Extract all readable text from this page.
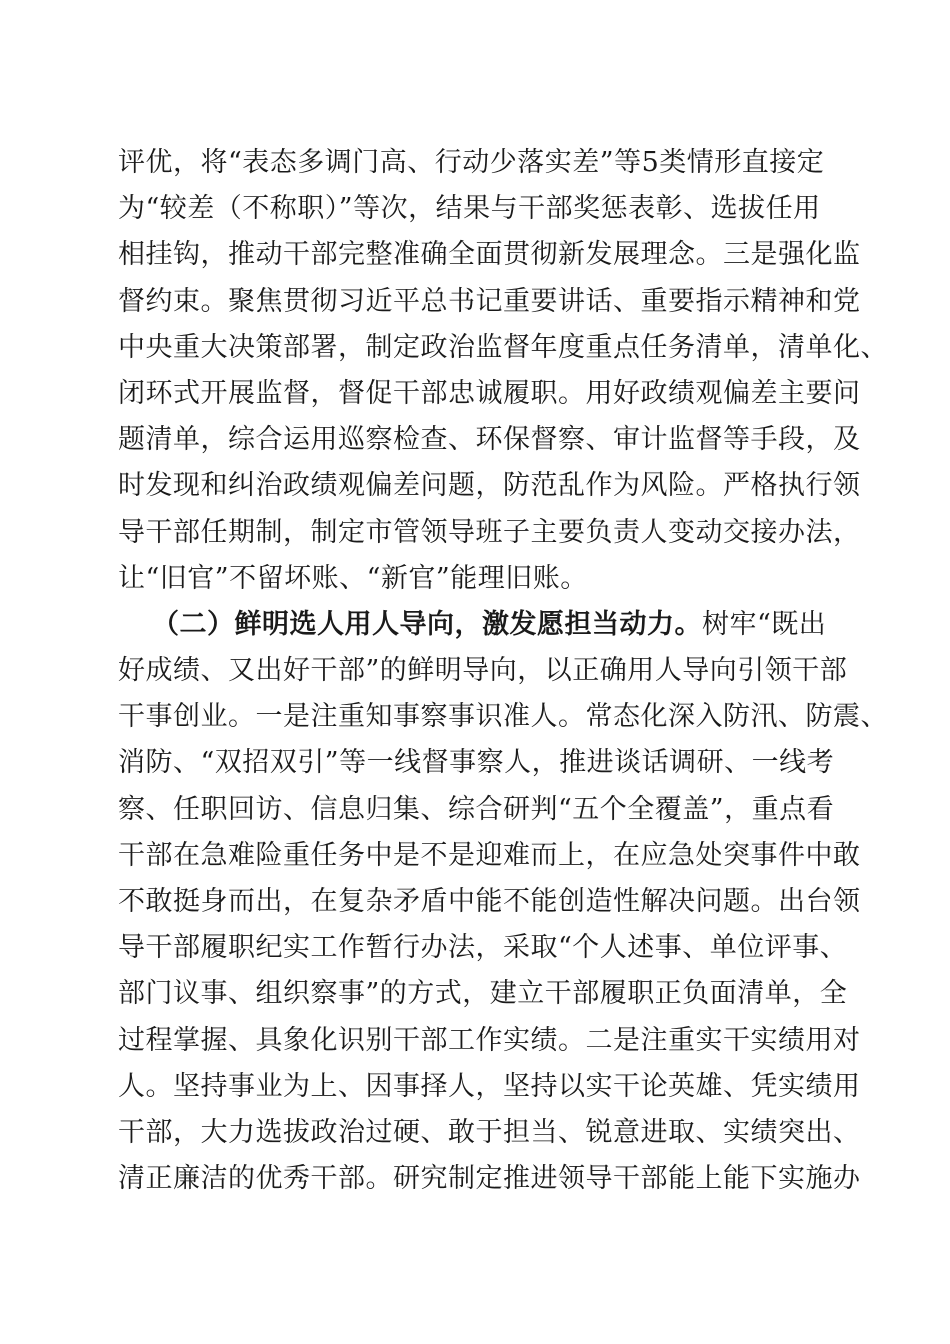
评优，将“表态多调门高、行动少落实差”等5类情形直接定
为“较差（不称职）”等次，结果与干部奖惩表彰、选拔任用
相挂钩，推动干部完整准确全面贯彻新发展理念。三是强化监
督约束。聚焦贯彻习近平总书记重要讲话、重要指示精神和党
中央重大决策部署，制定政治监督年度重点任务清单，清单化、
闭环式开展监督，督促干部忠诚履职。用好政绩观偏差主要问
题清单，综合运用巡察检查、环保督察、审计监督等手段，及
时发现和纠治政绩观偏差问题，防范乱作为风险。严格执行领
导干部任期制，制定市管领导班子主要负责人变动交接办法，
让“旧官”不留坏账、“新官”能理旧账。
（二）鲜明选人用人导向，激发愿担当动力。树牢“既出
好成绩、又出好干部”的鲜明导向，以正确用人导向引领干部
干事创业。一是注重知事察事识准人。常态化深入防汛、防震、
消防、“双招双引”等一线督事察人，推进谈话调研、一线考
察、任职回访、信息归集、综合研判“五个全覆盖”，重点看
干部在急难险重任务中是不是迎难而上，在应急处突事件中敢
不敢挺身而出，在复杂矛盾中能不能创造性解决问题。出台领
导干部履职纪实工作暂行办法，采取“个人述事、单位评事、
部门议事、组织察事”的方式，建立干部履职正负面清单，全
过程掌握、具象化识别干部工作实绩。二是注重实干实绩用对
人。坚持事业为上、因事择人，坚持以实干论英雄、凭实绩用
干部，大力选拔政治过硬、敢于担当、锐意进取、实绩突出、
清正廉洁的优秀干部。研究制定推进领导干部能上能下实施办
